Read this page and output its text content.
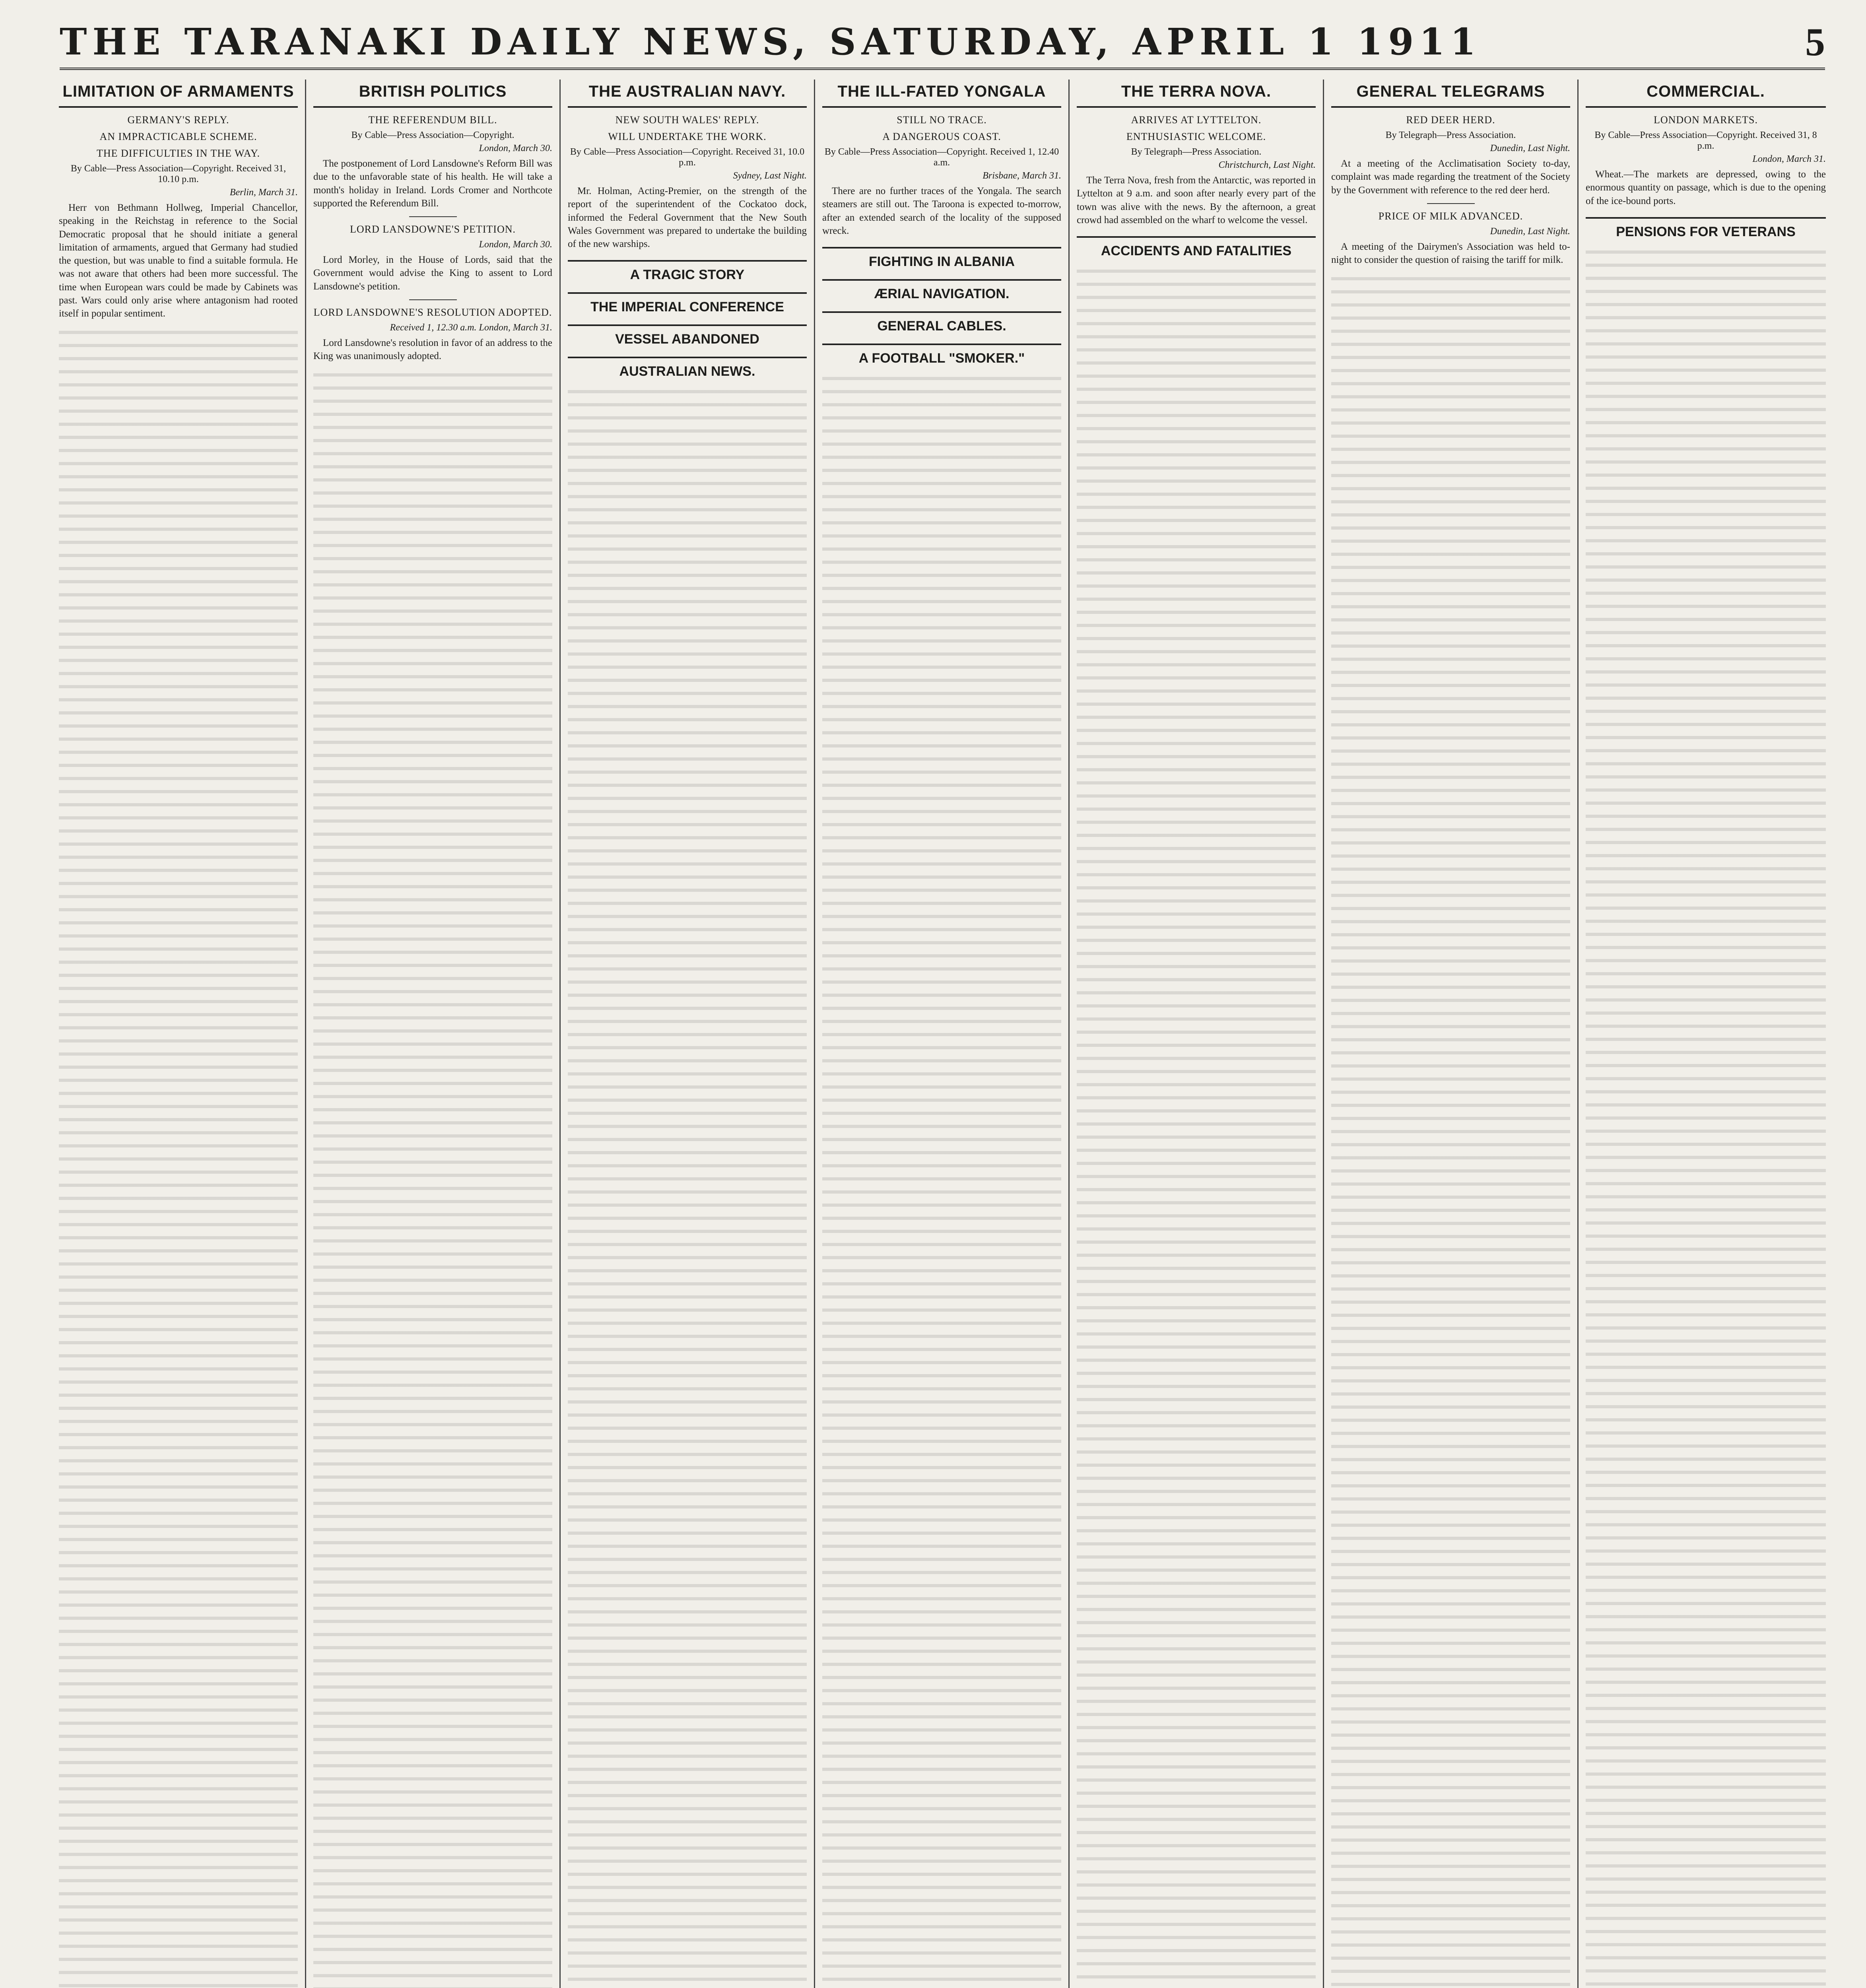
THE TARANAKI DAILY NEWS, SATURDAY, APRIL 1 1911	5
LIMITATION OF ARMAMENTS
GERMANY'S REPLY.
AN IMPRACTICABLE SCHEME.
THE DIFFICULTIES IN THE WAY.
By Cable—Press Association—Copyright. Received 31, 10.10 p.m.
Berlin, March 31.

Herr von Bethmann Hollweg, Imperial Chancellor, speaking in the Reichstag in reference to the Social Democratic proposal that he should initiate a general limitation of armaments, argued that Germany had studied the question, but was unable to find a suitable formula. He was not aware that others had been more successful. The time when European wars could be made by Cabinets was past. Wars could only arise where antagonism had rooted itself in popular sentiment.

BRITISH POLITICS
THE REFERENDUM BILL.
By Cable—Press Association—Copyright.
London, March 30.

The postponement of Lord Lansdowne's Reform Bill was due to the unfavorable state of his health. He will take a month's holiday in Ireland. Lords Cromer and Northcote supported the Referendum Bill.

LORD LANSDOWNE'S PETITION.
London, March 30.

Lord Morley, in the House of Lords, said that the Government would advise the King to assent to Lord Lansdowne's petition.

LORD LANSDOWNE'S RESOLUTION ADOPTED.
Received 1, 12.30 a.m. London, March 31.

Lord Lansdowne's resolution in favor of an address to the King was unanimously adopted.

THE AUSTRALIAN NAVY.
NEW SOUTH WALES' REPLY.
WILL UNDERTAKE THE WORK.
By Cable—Press Association—Copyright. Received 31, 10.0 p.m.
Sydney, Last Night.

Mr. Holman, Acting-Premier, on the strength of the report of the superintendent of the Cockatoo dock, informed the Federal Government that the New South Wales Government was prepared to undertake the building of the new warships.

A TRAGIC STORY
THE IMPERIAL CONFERENCE
VESSEL ABANDONED
AUSTRALIAN NEWS.
THE ILL-FATED YONGALA
STILL NO TRACE.
A DANGEROUS COAST.
By Cable—Press Association—Copyright. Received 1, 12.40 a.m.
Brisbane, March 31.

There are no further traces of the Yongala. The search steamers are still out. The Taroona is expected to-morrow, after an extended search of the locality of the supposed wreck.

FIGHTING IN ALBANIA
ÆRIAL NAVIGATION.
GENERAL CABLES.
A FOOTBALL "SMOKER."
THE TERRA NOVA.
ARRIVES AT LYTTELTON.
ENTHUSIASTIC WELCOME.
By Telegraph—Press Association.
Christchurch, Last Night.

The Terra Nova, fresh from the Antarctic, was reported in Lyttelton at 9 a.m. and soon after nearly every part of the town was alive with the news. By the afternoon, a great crowd had assembled on the wharf to welcome the vessel.

ACCIDENTS AND FATALITIES
GENERAL TELEGRAMS
RED DEER HERD.
By Telegraph—Press Association.
Dunedin, Last Night.

At a meeting of the Acclimatisation Society to-day, complaint was made regarding the treatment of the Society by the Government with reference to the red deer herd.

PRICE OF MILK ADVANCED.
Dunedin, Last Night.

A meeting of the Dairymen's Association was held to-night to consider the question of raising the tariff for milk.

COMMERCIAL.
LONDON MARKETS.
By Cable—Press Association—Copyright. Received 31, 8 p.m.
London, March 31.

Wheat.—The markets are depressed, owing to the enormous quantity on passage, which is due to the opening of the ice-bound ports.

PENSIONS FOR VETERANS
